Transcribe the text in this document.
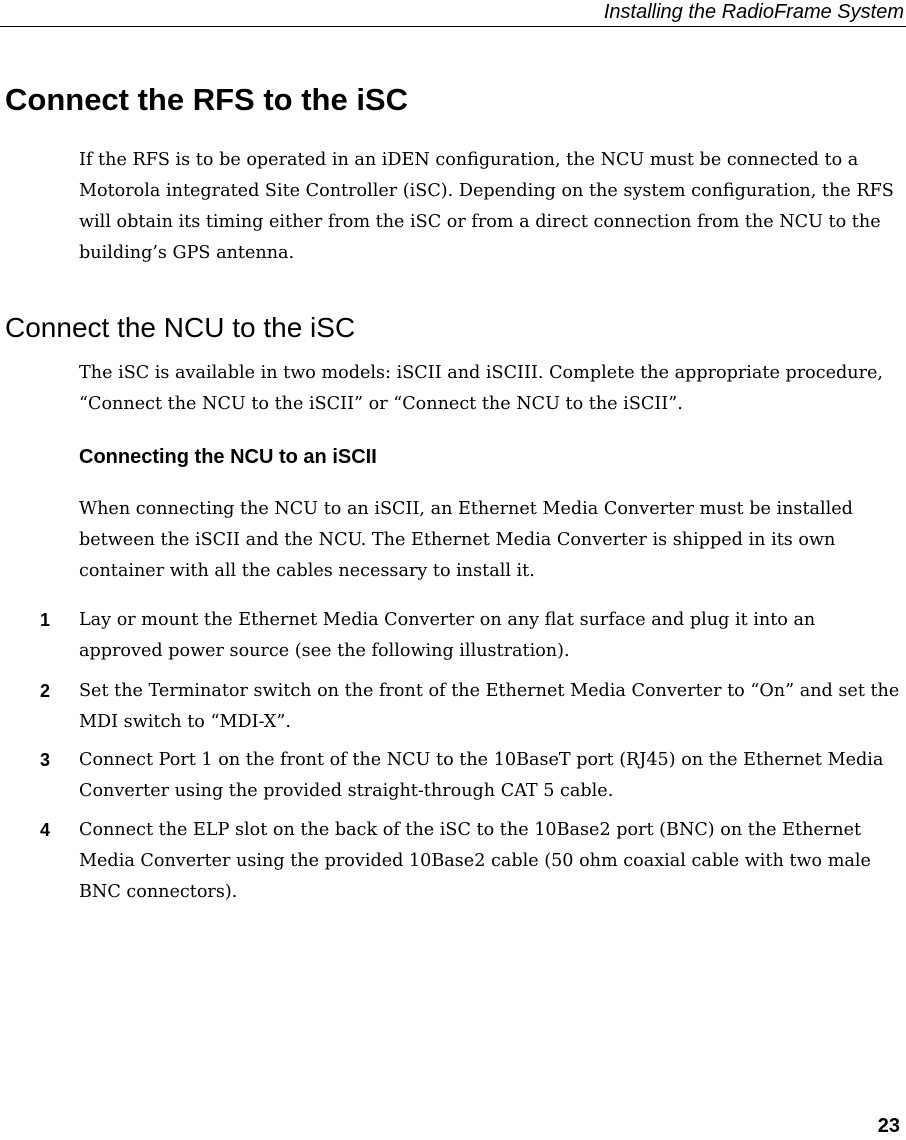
Installing the RadioFrame System
Connect the RFS to the iSC

If the RFS is to be operated in an iDEN configuration, the NCU must be connected to a Motorola integrated Site Controller (iSC). Depending on the system configuration, the RFS will obtain its timing either from the iSC or from a direct connection from the NCU to the building’s GPS antenna.

Connect the NCU to the iSC

The iSC is available in two models: iSCII and iSCIII. Complete the appropriate procedure, “Connect the NCU to the iSCII” or “Connect the NCU to the iSCII”.

Connecting the NCU to an iSCII

When connecting the NCU to an iSCII, an Ethernet Media Converter must be installed between the iSCII and the NCU. The Ethernet Media Converter is shipped in its own container with all the cables necessary to install it.

1 Lay or mount the Ethernet Media Converter on any flat surface and plug it into an approved power source (see the following illustration).
2 Set the Terminator switch on the front of the Ethernet Media Converter to “On” and set the MDI switch to “MDI-X”.
3 Connect Port 1 on the front of the NCU to the 10BaseT port (RJ45) on the Ethernet Media Converter using the provided straight-through CAT 5 cable.
4 Connect the ELP slot on the back of the iSC to the 10Base2 port (BNC) on the Ethernet Media Converter using the provided 10Base2 cable (50 ohm coaxial cable with two male BNC connectors).
23
